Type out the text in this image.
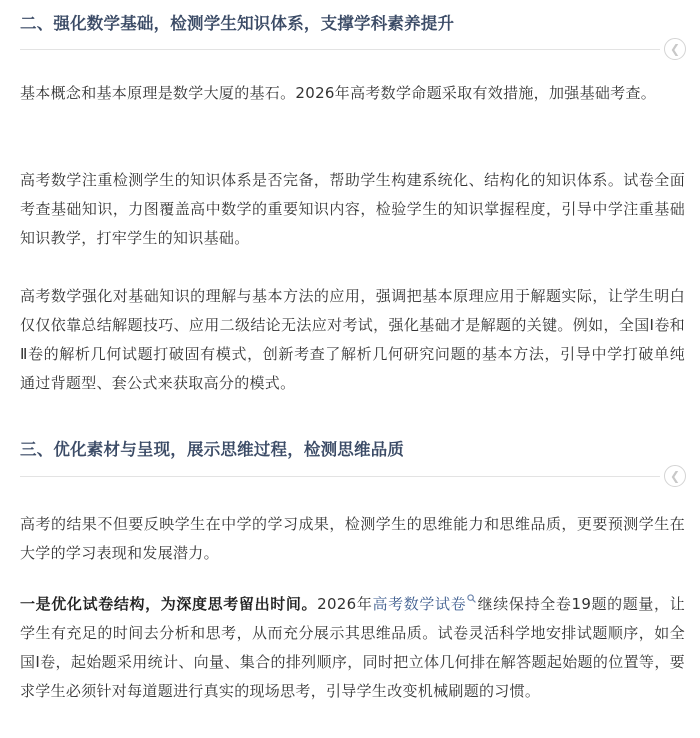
二、强化数学基础，检测学生知识体系，支撑学科素养提升
❮

基本概念和基本原理是数学大厦的基石。2026年高考数学命题采取有效措施，加强基础考查。

高考数学注重检测学生的知识体系是否完备，帮助学生构建系统化、结构化的知识体系。试卷全面考查基础知识，力图覆盖高中数学的重要知识内容，检验学生的知识掌握程度，引导中学注重基础知识教学，打牢学生的知识基础。

高考数学强化对基础知识的理解与基本方法的应用，强调把基本原理应用于解题实际，让学生明白仅仅依靠总结解题技巧、应用二级结论无法应对考试，强化基础才是解题的关键。例如，全国Ⅰ卷和Ⅱ卷的解析几何试题打破固有模式，创新考查了解析几何研究问题的基本方法，引导中学打破单纯通过背题型、套公式来获取高分的模式。

三、优化素材与呈现，展示思维过程，检测思维品质
❮

高考的结果不但要反映学生在中学的学习成果，检测学生的思维能力和思维品质，更要预测学生在大学的学习表现和发展潜力。

一是优化试卷结构，为深度思考留出时间。2026年高考数学试卷 继续保持全卷19题的题量，让学生有充足的时间去分析和思考，从而充分展示其思维品质。试卷灵活科学地安排试题顺序，如全国Ⅰ卷，起始题采用统计、向量、集合的排列顺序，同时把立体几何排在解答题起始题的位置等，要求学生必须针对每道题进行真实的现场思考，引导学生改变机械刷题的习惯。
